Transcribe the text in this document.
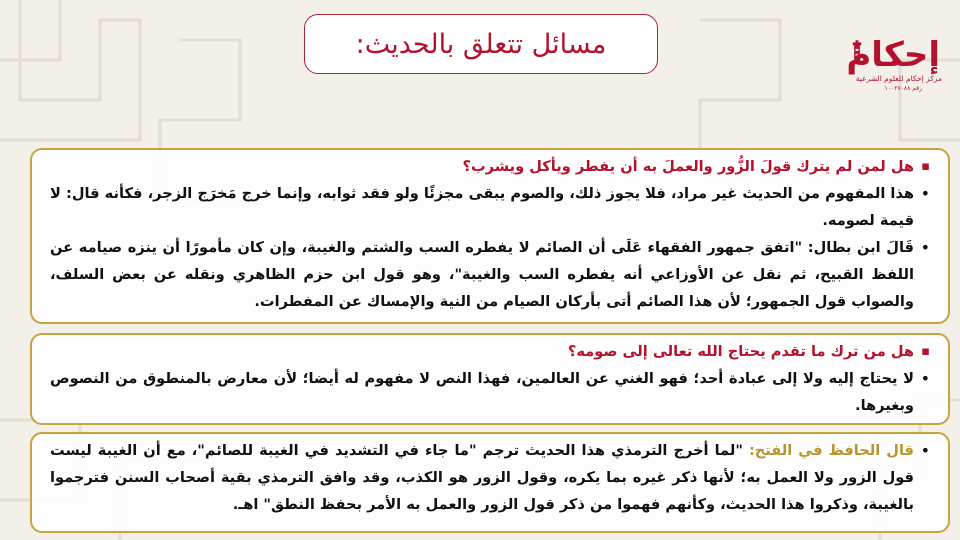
مسائل تتعلق بالحديث:	إحكام
مركز إحكام للعلوم الشرعية
ﺭﻗﻢ ١٠٠٢٧٠٨٨
▪ هل لمن لم يترك قولَ الزُّور والعملَ به أن يفطر ويأكل ويشرب؟
• هذا المفهوم من الحديث غير مراد، فلا يجوز ذلك، والصوم يبقى مجزئًا ولو فقد ثوابه، وإنما خرج مَخرَج الزجر، فكأنه قال: لا قيمة لصومه.
• قَالَ ابن بطال: "اتفق جمهور الفقهاء عَلَى أن الصائم لا يفطره السب والشتم والغيبة، وإن كان مأمورًا أن ينزه صيامه عن اللفظ القبيح، ثم نقل عن الأوزاعي أنه يفطره السب والغيبة"، وهو قول ابن حزم الظاهري ونقله عن بعض السلف، والصواب قول الجمهور؛ لأن هذا الصائم أتى بأركان الصيام من النية والإمساك عن المفطرات.
▪ هل من ترك ما تقدم يحتاج الله تعالى إلى صومه؟
• لا يحتاج إليه ولا إلى عبادة أحد؛ فهو الغني عن العالمين، فهذا النص لا مفهوم له أيضا؛ لأن معارض بالمنطوق من النصوص وبغيرها.
• قال الحافظ في الفتح: "لما أخرج الترمذي هذا الحديث ترجم "ما جاء في التشديد في الغيبة للصائم"، مع أن الغيبة ليست قول الزور ولا العمل به؛ لأنها ذكر غيره بما يكره، وقول الزور هو الكذب، وقد وافق الترمذي بقية أصحاب السنن فترجموا بالغيبة، وذكروا هذا الحديث، وكأنهم فهموا من ذكر قول الزور والعمل به الأمر بحفظ النطق" اهـ.
